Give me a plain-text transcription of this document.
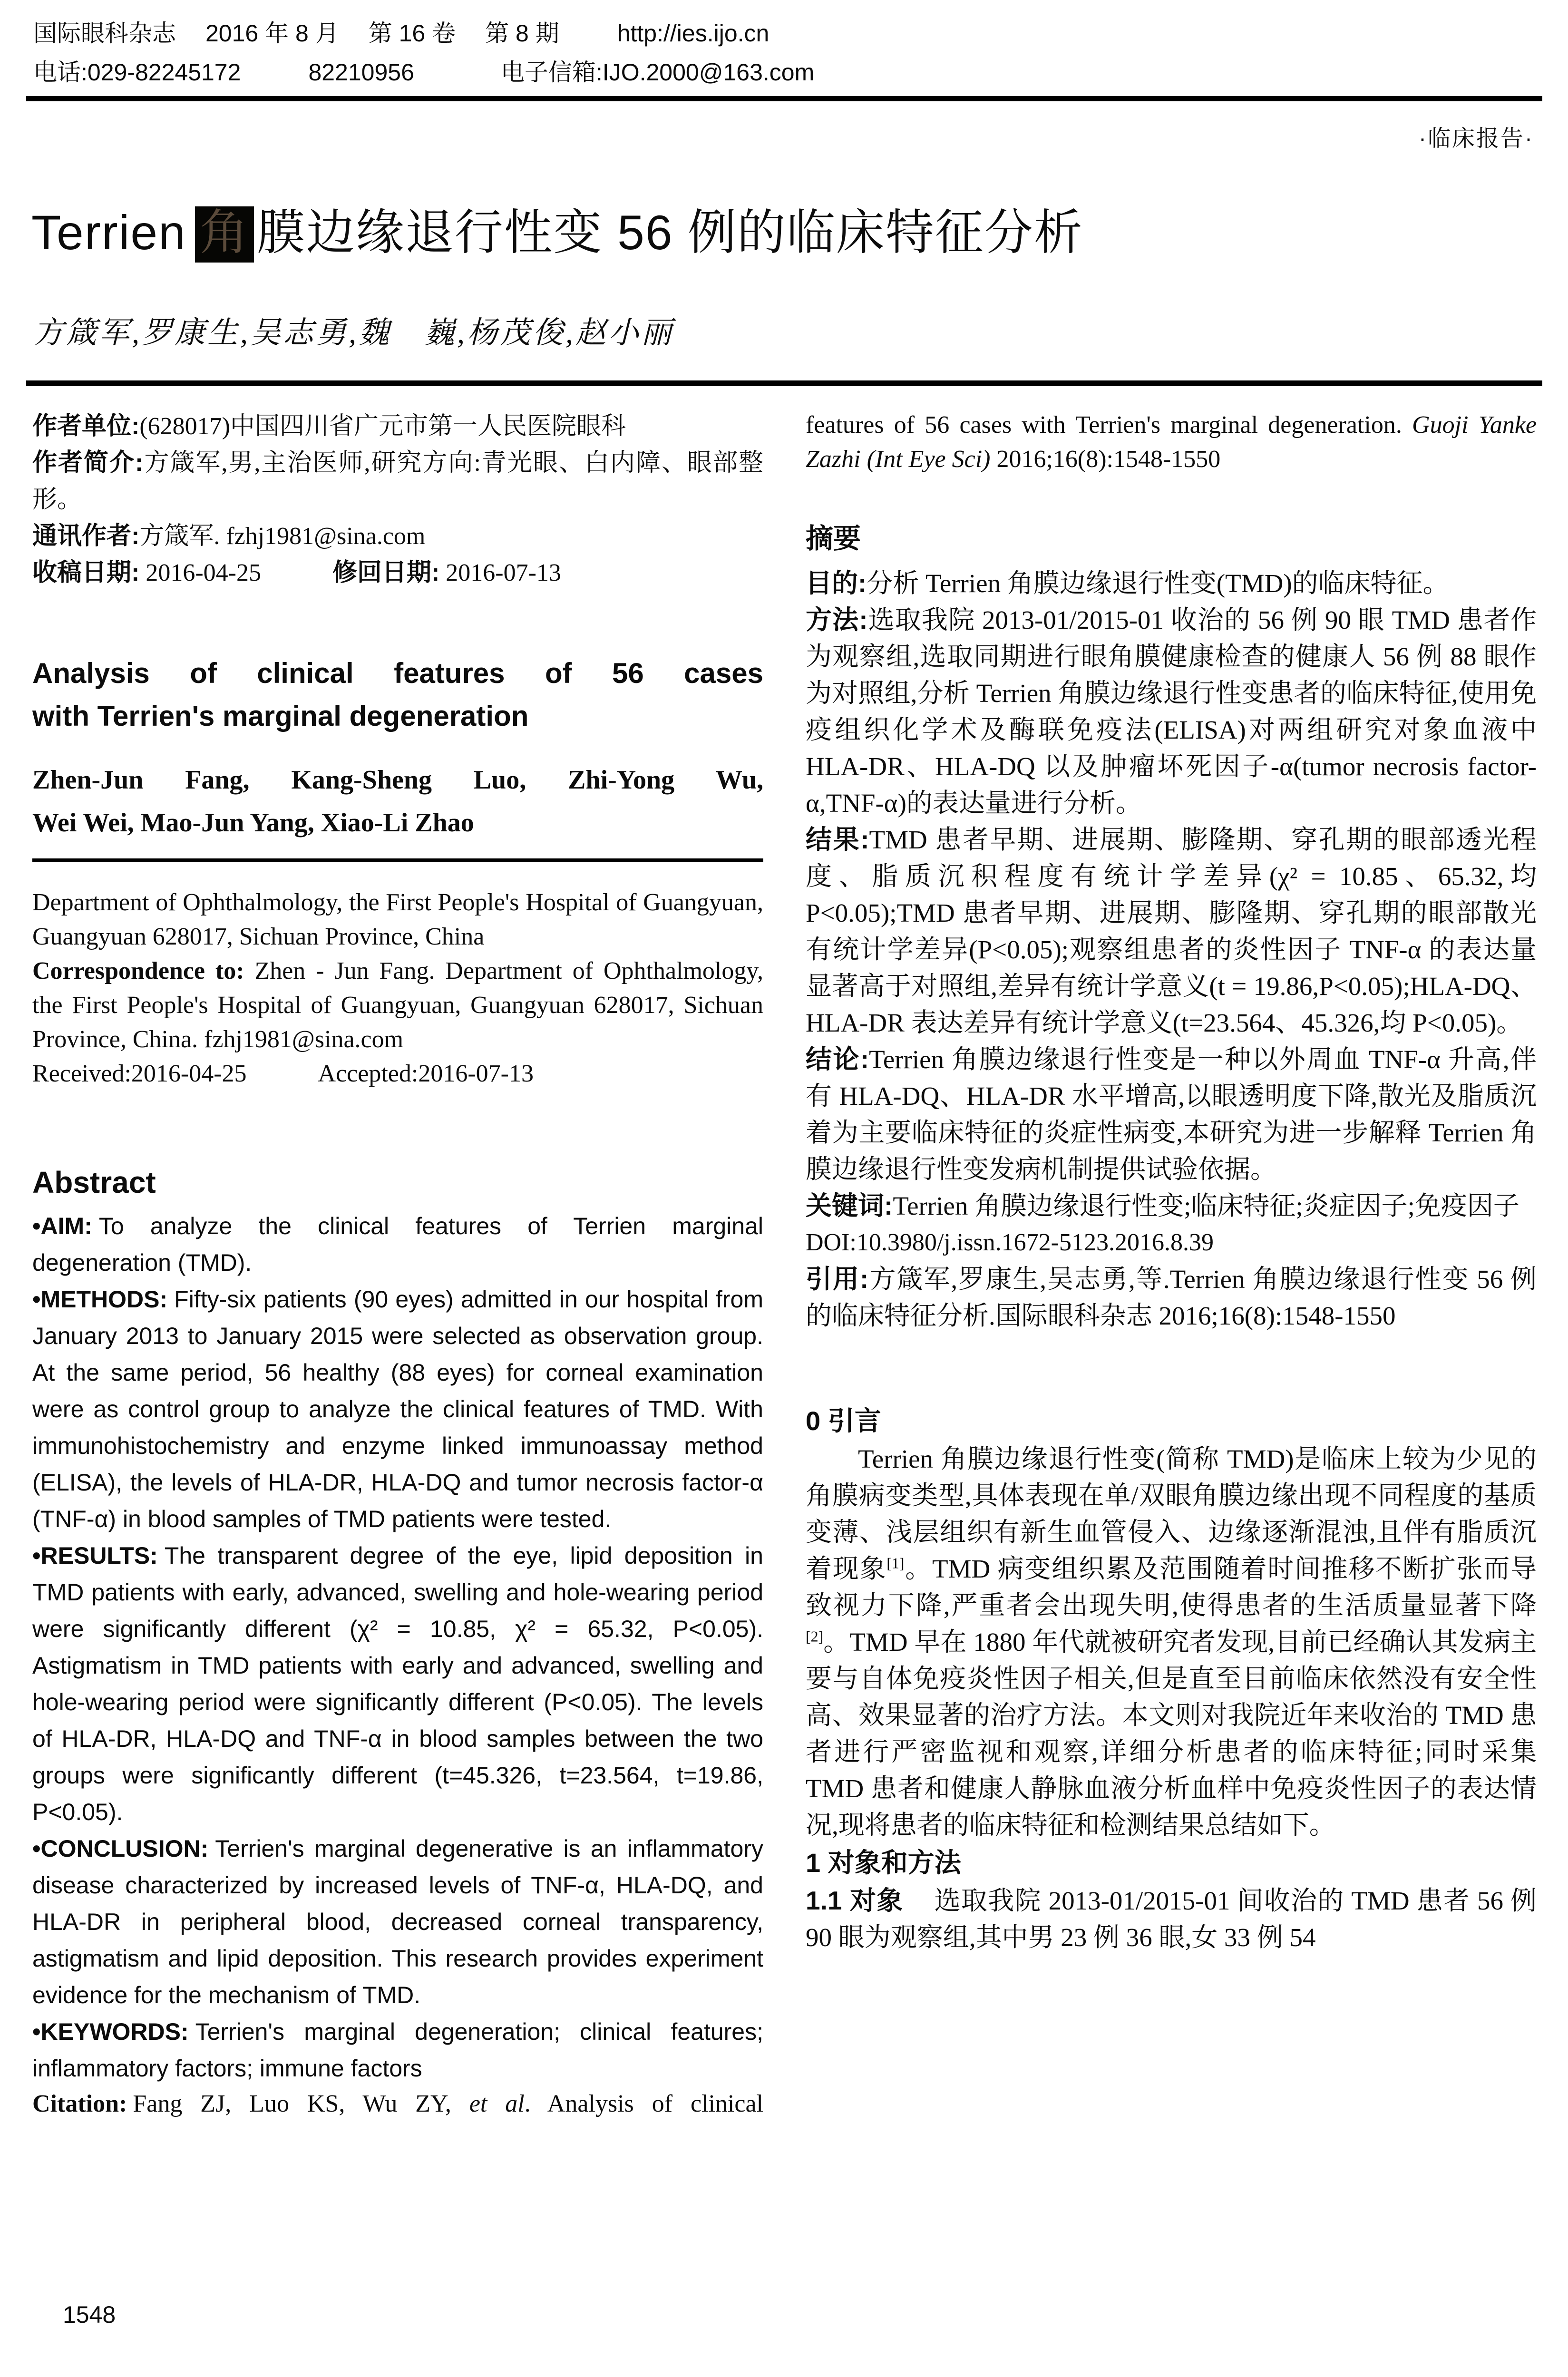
国际眼科杂志 2016 年 8 月 第 16 卷 第 8 期 http://ies.ijo.cn
电话:029-82245172	82210956	电子信箱:IJO.2000@163.com
·临床报告·
Terrien 角 膜边缘退行性变 56 例的临床特征分析
方箴军,罗康生,吴志勇,魏　巍,杨茂俊,赵小丽

作者单位:(628017)中国四川省广元市第一人民医院眼科

作者简介:方箴军,男,主治医师,研究方向:青光眼、白内障、眼部整形。

通讯作者:方箴军. fzhj1981@sina.com

收稿日期: 2016-04-25	修回日期: 2016-07-13

Analysis of clinical features of 56 cases
with Terrien's marginal degeneration
Zhen-Jun Fang, Kang-Sheng Luo, Zhi-Yong Wu,
Wei Wei, Mao-Jun Yang, Xiao-Li Zhao

Department of Ophthalmology, the First People's Hospital of Guangyuan, Guangyuan 628017, Sichuan Province, China

Correspondence to: Zhen - Jun Fang. Department of Ophthalmology, the First People's Hospital of Guangyuan, Guangyuan 628017, Sichuan Province, China. fzhj1981@sina.com

Received:2016-04-25	Accepted:2016-07-13

Abstract

•AIM: To analyze the clinical features of Terrien marginal degeneration (TMD).

•METHODS: Fifty-six patients (90 eyes) admitted in our hospital from January 2013 to January 2015 were selected as observation group. At the same period, 56 healthy (88 eyes) for corneal examination were as control group to analyze the clinical features of TMD. With immunohistochemistry and enzyme linked immunoassay method (ELISA), the levels of HLA-DR, HLA-DQ and tumor necrosis factor-α (TNF-α) in blood samples of TMD patients were tested.

•RESULTS: The transparent degree of the eye, lipid deposition in TMD patients with early, advanced, swelling and hole-wearing period were significantly different (χ² = 10.85, χ² = 65.32, P<0.05). Astigmatism in TMD patients with early and advanced, swelling and hole-wearing period were significantly different (P<0.05). The levels of HLA-DR, HLA-DQ and TNF-α in blood samples between the two groups were significantly different (t=45.326, t=23.564, t=19.86, P<0.05).

•CONCLUSION: Terrien's marginal degenerative is an inflammatory disease characterized by increased levels of TNF-α, HLA-DQ, and HLA-DR in peripheral blood, decreased corneal transparency, astigmatism and lipid deposition. This research provides experiment evidence for the mechanism of TMD.

•KEYWORDS: Terrien's marginal degeneration; clinical features; inflammatory factors; immune factors

Citation: Fang ZJ, Luo KS, Wu ZY, et al. Analysis of clinical

features of 56 cases with Terrien's marginal degeneration. Guoji Yanke Zazhi (Int Eye Sci) 2016;16(8):1548-1550

摘要

目的:分析 Terrien 角膜边缘退行性变(TMD)的临床特征。

方法:选取我院 2013-01/2015-01 收治的 56 例 90 眼 TMD 患者作为观察组,选取同期进行眼角膜健康检查的健康人 56 例 88 眼作为对照组,分析 Terrien 角膜边缘退行性变患者的临床特征,使用免疫组织化学术及酶联免疫法(ELISA)对两组研究对象血液中 HLA-DR、HLA-DQ 以及肿瘤坏死因子-α(tumor necrosis factor-α,TNF-α)的表达量进行分析。

结果:TMD 患者早期、进展期、膨隆期、穿孔期的眼部透光程度、脂质沉积程度有统计学差异(χ² = 10.85、65.32,均 P<0.05);TMD 患者早期、进展期、膨隆期、穿孔期的眼部散光有统计学差异(P<0.05);观察组患者的炎性因子 TNF-α 的表达量显著高于对照组,差异有统计学意义(t = 19.86,P<0.05);HLA-DQ、HLA-DR 表达差异有统计学意义(t=23.564、45.326,均 P<0.05)。

结论:Terrien 角膜边缘退行性变是一种以外周血 TNF-α 升高,伴有 HLA-DQ、HLA-DR 水平增高,以眼透明度下降,散光及脂质沉着为主要临床特征的炎症性病变,本研究为进一步解释 Terrien 角膜边缘退行性变发病机制提供试验依据。

关键词:Terrien 角膜边缘退行性变;临床特征;炎症因子;免疫因子

DOI:10.3980/j.issn.1672-5123.2016.8.39

引用:方箴军,罗康生,吴志勇,等.Terrien 角膜边缘退行性变 56 例的临床特征分析.国际眼科杂志 2016;16(8):1548-1550

0 引言

Terrien 角膜边缘退行性变(简称 TMD)是临床上较为少见的角膜病变类型,具体表现在单/双眼角膜边缘出现不同程度的基质变薄、浅层组织有新生血管侵入、边缘逐渐混浊,且伴有脂质沉着现象[1]。TMD 病变组织累及范围随着时间推移不断扩张而导致视力下降,严重者会出现失明,使得患者的生活质量显著下降[2]。TMD 早在 1880 年代就被研究者发现,目前已经确认其发病主要与自体免疫炎性因子相关,但是直至目前临床依然没有安全性高、效果显著的治疗方法。本文则对我院近年来收治的 TMD 患者进行严密监视和观察,详细分析患者的临床特征;同时采集 TMD 患者和健康人静脉血液分析血样中免疫炎性因子的表达情况,现将患者的临床特征和检测结果总结如下。

1 对象和方法

1.1 对象 选取我院 2013-01/2015-01 间收治的 TMD 患者 56 例 90 眼为观察组,其中男 23 例 36 眼,女 33 例 54

1548
